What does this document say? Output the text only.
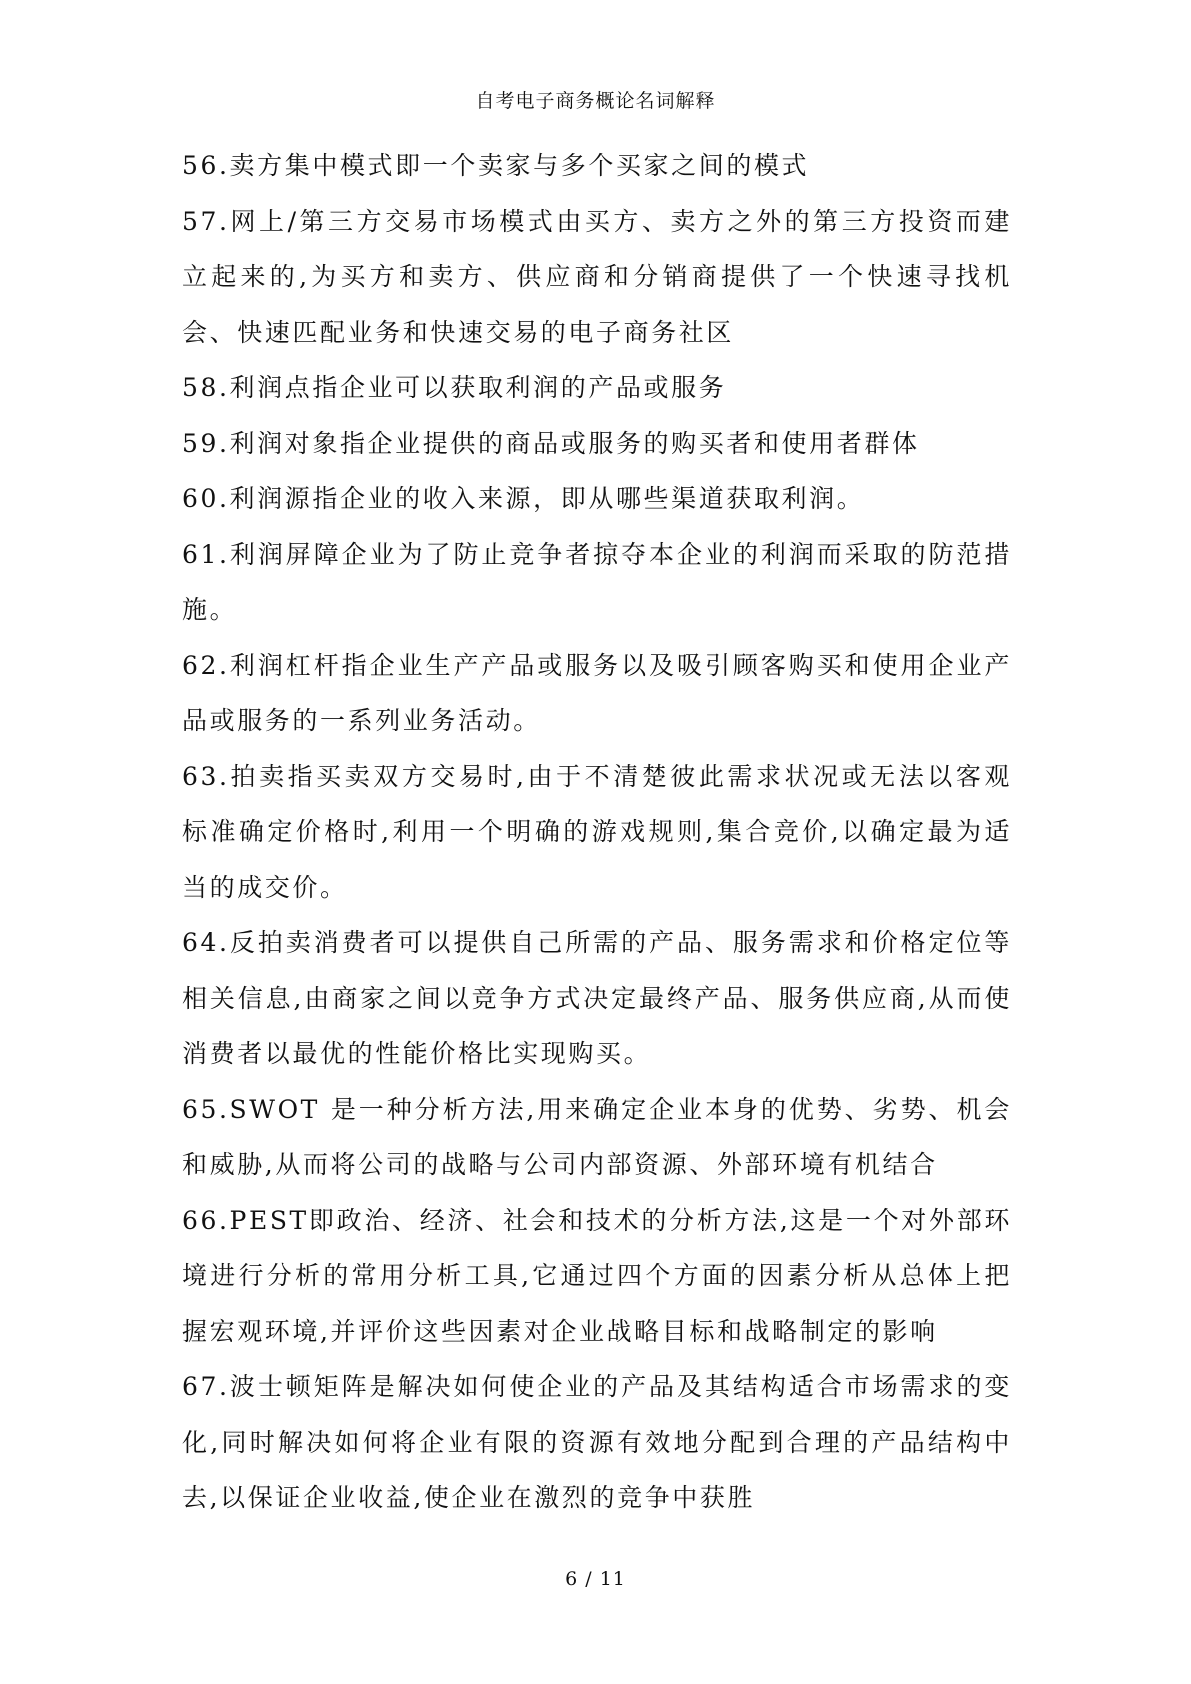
自考电子商务概论名词解释

56.卖方集中模式即一个卖家与多个买家之间的模式

57.网上/第三方交易市场模式由买方、卖方之外的第三方投资而建立起来的,为买方和卖方、供应商和分销商提供了一个快速寻找机会、快速匹配业务和快速交易的电子商务社区

58.利润点指企业可以获取利润的产品或服务

59.利润对象指企业提供的商品或服务的购买者和使用者群体

60.利润源指企业的收入来源，即从哪些渠道获取利润。

61.利润屏障企业为了防止竞争者掠夺本企业的利润而采取的防范措施。

62.利润杠杆指企业生产产品或服务以及吸引顾客购买和使用企业产品或服务的一系列业务活动。

63.拍卖指买卖双方交易时,由于不清楚彼此需求状况或无法以客观标准确定价格时,利用一个明确的游戏规则,集合竞价,以确定最为适当的成交价。

64.反拍卖消费者可以提供自己所需的产品、服务需求和价格定位等相关信息,由商家之间以竞争方式决定最终产品、服务供应商,从而使消费者以最优的性能价格比实现购买。

65.SWOT 是一种分析方法,用来确定企业本身的优势、劣势、机会和威胁,从而将公司的战略与公司内部资源、外部环境有机结合

66.PEST即政治、经济、社会和技术的分析方法,这是一个对外部环境进行分析的常用分析工具,它通过四个方面的因素分析从总体上把握宏观环境,并评价这些因素对企业战略目标和战略制定的影响

67.波士顿矩阵是解决如何使企业的产品及其结构适合市场需求的变化,同时解决如何将企业有限的资源有效地分配到合理的产品结构中去,以保证企业收益,使企业在激烈的竞争中获胜

6 / 11
